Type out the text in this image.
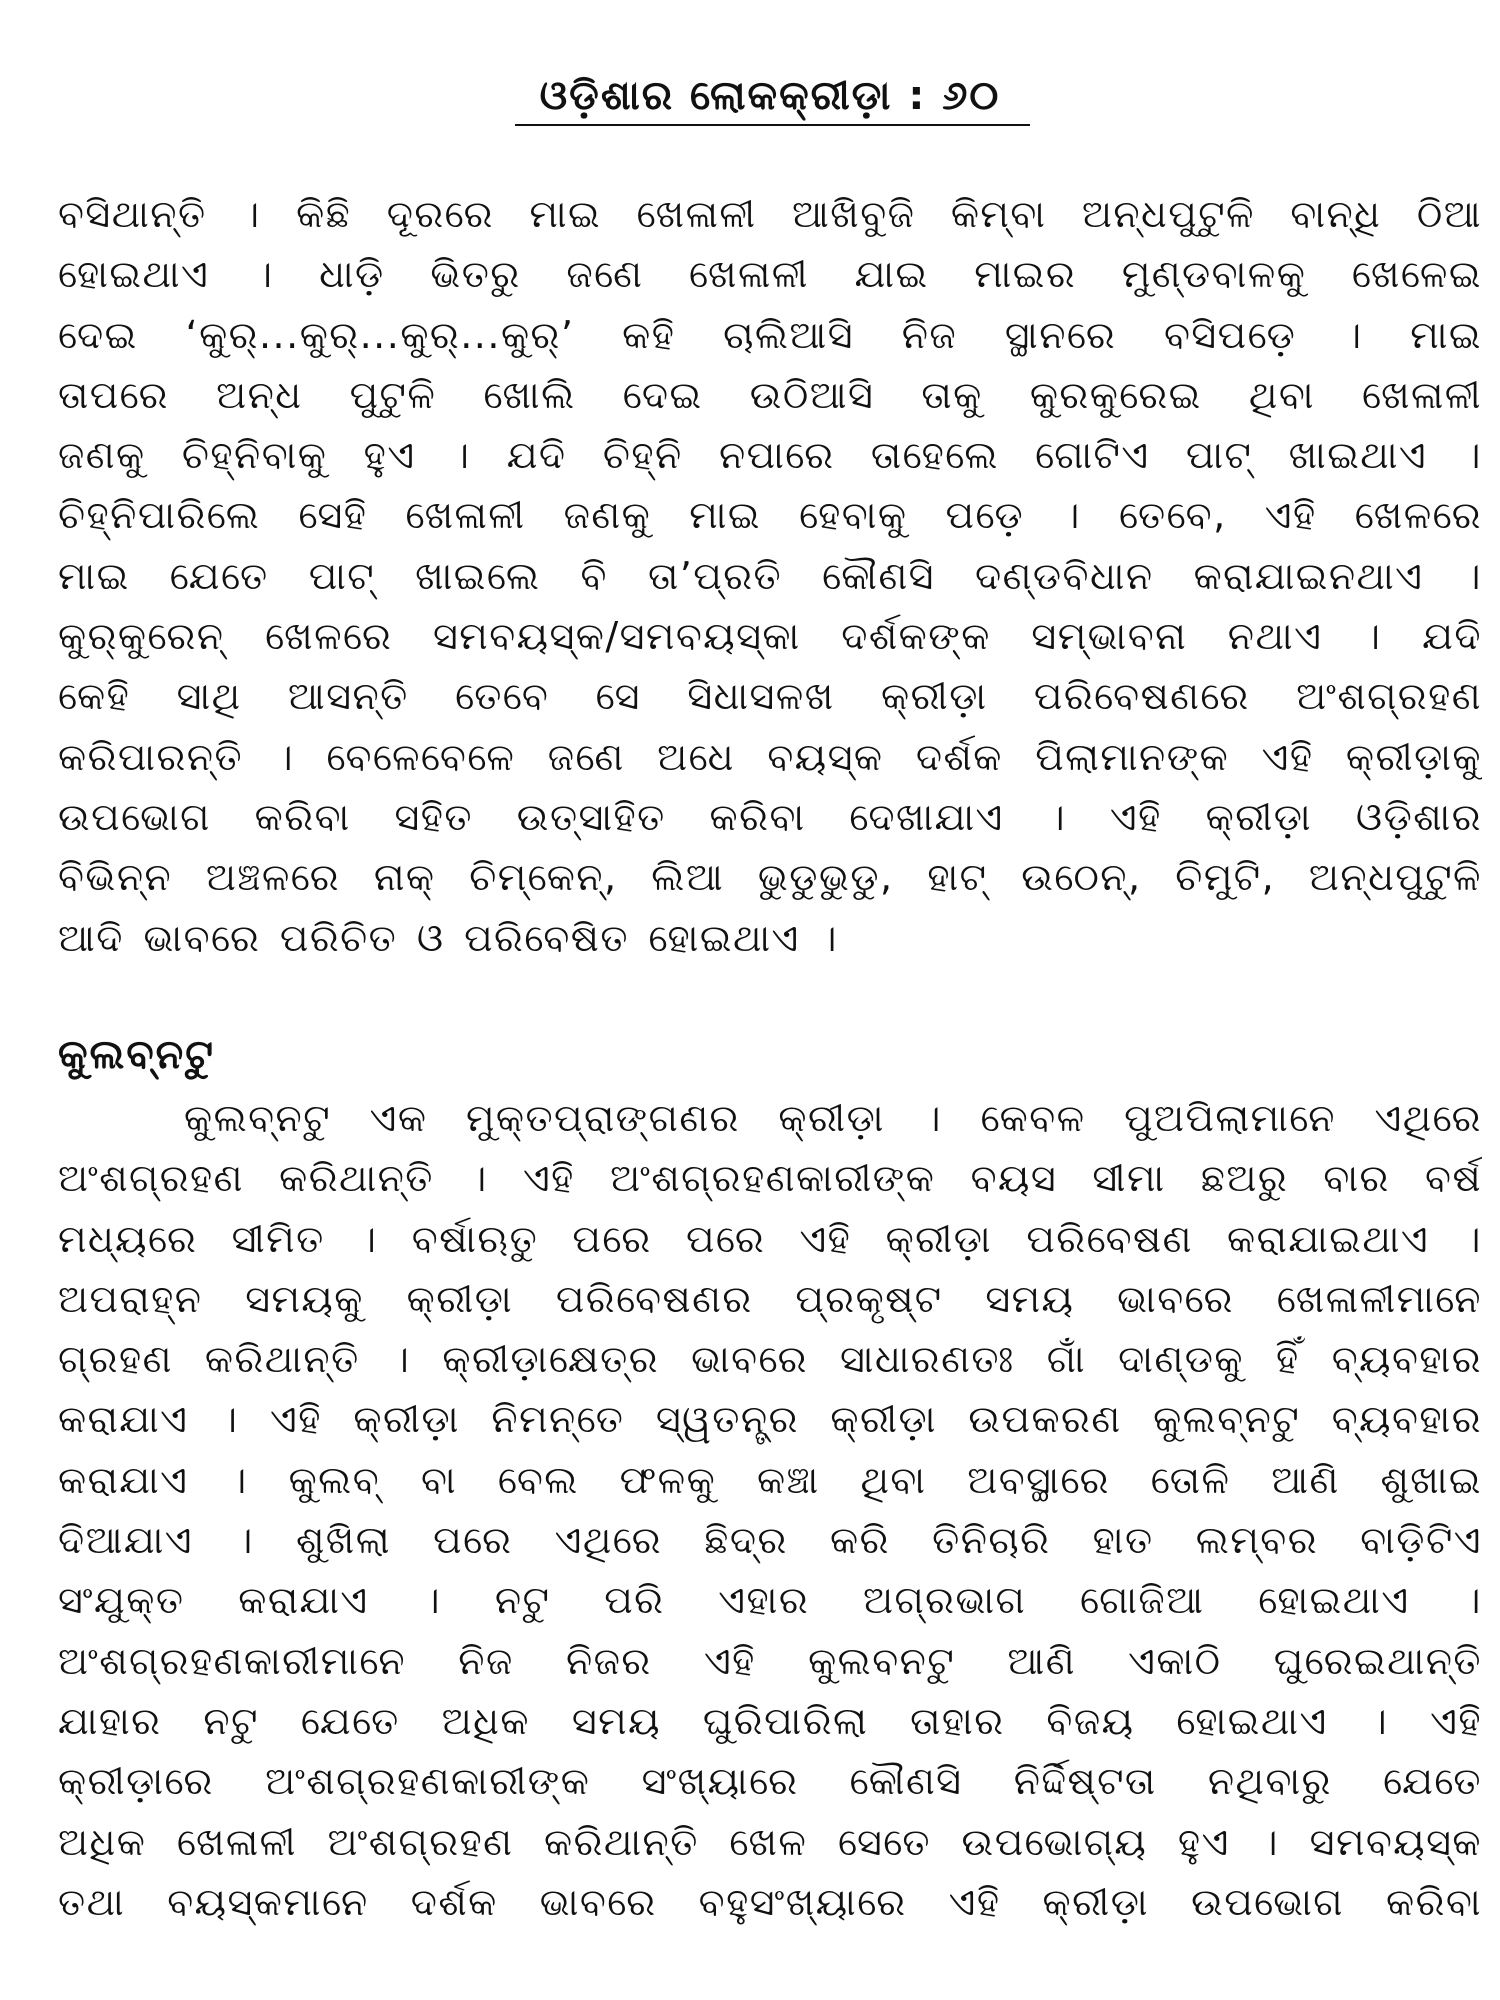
ଓଡ଼ିଶାର ଲୋକକ୍ରୀଡ଼ା : ୬୦
ବସିଥାନ୍ତି । କିଛି ଦୂରରେ ମାଇ ଖେଳାଳୀ ଆଖିବୁଜି କିମ୍ବା ଅନ୍ଧପୁଟୁଳି ବାନ୍ଧି ଠିଆ
ହୋଇଥାଏ । ଧାଡ଼ି ଭିତରୁ ଜଣେ ଖେଳାଳୀ ଯାଇ ମାଇର ମୁଣ୍ଡବାଳକୁ ଖେଳେଇ
ଦେଇ ‘କୁର୍...କୁର୍...କୁର୍...କୁର୍’ କହି ଚାଲିଆସି ନିଜ ସ୍ଥାନରେ ବସିପଡ଼େ । ମାଇ
ତାପରେ ଅନ୍ଧ ପୁଟୁଳି ଖୋଲି ଦେଇ ଉଠିଆସି ତାକୁ କୁରକୁରେଇ ଥିବା ଖେଳାଳୀ
ଜଣକୁ ଚିହ୍ନିବାକୁ ହୁଏ । ଯଦି ଚିହ୍ନି ନପାରେ ତାହେଲେ ଗୋଟିଏ ପାଟ୍ ଖାଇଥାଏ ।
ଚିହ୍ନିପାରିଲେ ସେହି ଖେଳାଳୀ ଜଣକୁ ମାଇ ହେବାକୁ ପଡ଼େ । ତେବେ, ଏହି ଖେଳରେ
ମାଇ ଯେତେ ପାଟ୍ ଖାଇଲେ ବି ତା’ପ୍ରତି କୌଣସି ଦଣ୍ଡବିଧାନ କରାଯାଇନଥାଏ ।
କୁର୍‌କୁରେନ୍ ଖେଳରେ ସମବୟସ୍କ/ସମବୟସ୍କା ଦର୍ଶକଙ୍କ ସମ୍ଭାବନା ନଥାଏ । ଯଦି
କେହି ସାଥି ଆସନ୍ତି ତେବେ ସେ ସିଧାସଳଖ କ୍ରୀଡ଼ା ପରିବେଷଣରେ ଅଂଶଗ୍ରହଣ
କରିପାରନ୍ତି । ବେଳେବେଳେ ଜଣେ ଅଧେ ବୟସ୍କ ଦର୍ଶକ ପିଲାମାନଙ୍କ ଏହି କ୍ରୀଡ଼ାକୁ
ଉପଭୋଗ କରିବା ସହିତ ଉତ୍ସାହିତ କରିବା ଦେଖାଯାଏ । ଏହି କ୍ରୀଡ଼ା ଓଡ଼ିଶାର
ବିଭିନ୍ନ ଅଞ୍ଚଳରେ ନାକ୍ ଚିମ୍‌କେନ୍, ଲିଆ ଭୁଡୁଭୁଡୁ, ହାଟ୍ ଉଠେନ୍, ଚିମୁଟି, ଅନ୍ଧପୁଟୁଳି
ଆଦି ଭାବରେ ପରିଚିତ ଓ ପରିବେଷିତ ହୋଇଥାଏ ।
କୁଲବ୍‌ନଟୁ
କୁଲବ୍‌ନଟୁ ଏକ ମୁକ୍ତପ୍ରାଙ୍ଗଣର କ୍ରୀଡ଼ା । କେବଳ ପୁଅପିଲାମାନେ ଏଥିରେ
ଅଂଶଗ୍ରହଣ କରିଥାନ୍ତି । ଏହି ଅଂଶଗ୍ରହଣକାରୀଙ୍କ ବୟସ ସୀମା ଛଅରୁ ବାର ବର୍ଷ
ମଧ୍ୟରେ ସୀମିତ । ବର୍ଷାଋତୁ ପରେ ପରେ ଏହି କ୍ରୀଡ଼ା ପରିବେଷଣ କରାଯାଇଥାଏ ।
ଅପରାହ୍ନ ସମୟକୁ କ୍ରୀଡ଼ା ପରିବେଷଣର ପ୍ରକୃଷ୍ଟ ସମୟ ଭାବରେ ଖେଳାଳୀମାନେ
ଗ୍ରହଣ କରିଥାନ୍ତି । କ୍ରୀଡ଼ାକ୍ଷେତ୍ର ଭାବରେ ସାଧାରଣତଃ ଗାଁ ଦାଣ୍ଡକୁ ହିଁ ବ୍ୟବହାର
କରାଯାଏ । ଏହି କ୍ରୀଡ଼ା ନିମନ୍ତେ ସ୍ୱତନ୍ତ୍ର କ୍ରୀଡ଼ା ଉପକରଣ କୁଲବ୍‌ନଟୁ ବ୍ୟବହାର
କରାଯାଏ । କୁଲବ୍ ବା ବେଲ ଫଳକୁ କଞ୍ଚା ଥିବା ଅବସ୍ଥାରେ ତୋଳି ଆଣି ଶୁଖାଇ
ଦିଆଯାଏ । ଶୁଖିଲା ପରେ ଏଥିରେ ଛିଦ୍ର କରି ତିନିଚାରି ହାତ ଲମ୍ବର ବାଡ଼ିଟିଏ
ସଂଯୁକ୍ତ କରାଯାଏ । ନଟୁ ପରି ଏହାର ଅଗ୍ରଭାଗ ଗୋଜିଆ ହୋଇଥାଏ ।
ଅଂଶଗ୍ରହଣକାରୀମାନେ ନିଜ ନିଜର ଏହି କୁଲବନଟୁ ଆଣି ଏକାଠି ଘୁରେଇଥାନ୍ତି
ଯାହାର ନଟୁ ଯେତେ ଅଧିକ ସମୟ ଘୁରିପାରିଲା ତାହାର ବିଜୟ ହୋଇଥାଏ । ଏହି
କ୍ରୀଡ଼ାରେ ଅଂଶଗ୍ରହଣକାରୀଙ୍କ ସଂଖ୍ୟାରେ କୌଣସି ନିର୍ଦ୍ଦିଷ୍ଟତା ନଥିବାରୁ ଯେତେ
ଅଧିକ ଖେଳାଳୀ ଅଂଶଗ୍ରହଣ କରିଥାନ୍ତି ଖେଳ ସେତେ ଉପଭୋଗ୍ୟ ହୁଏ । ସମବୟସ୍କ
ତଥା ବୟସ୍କମାନେ ଦର୍ଶକ ଭାବରେ ବହୁସଂଖ୍ୟାରେ ଏହି କ୍ରୀଡ଼ା ଉପଭୋଗ କରିବା
